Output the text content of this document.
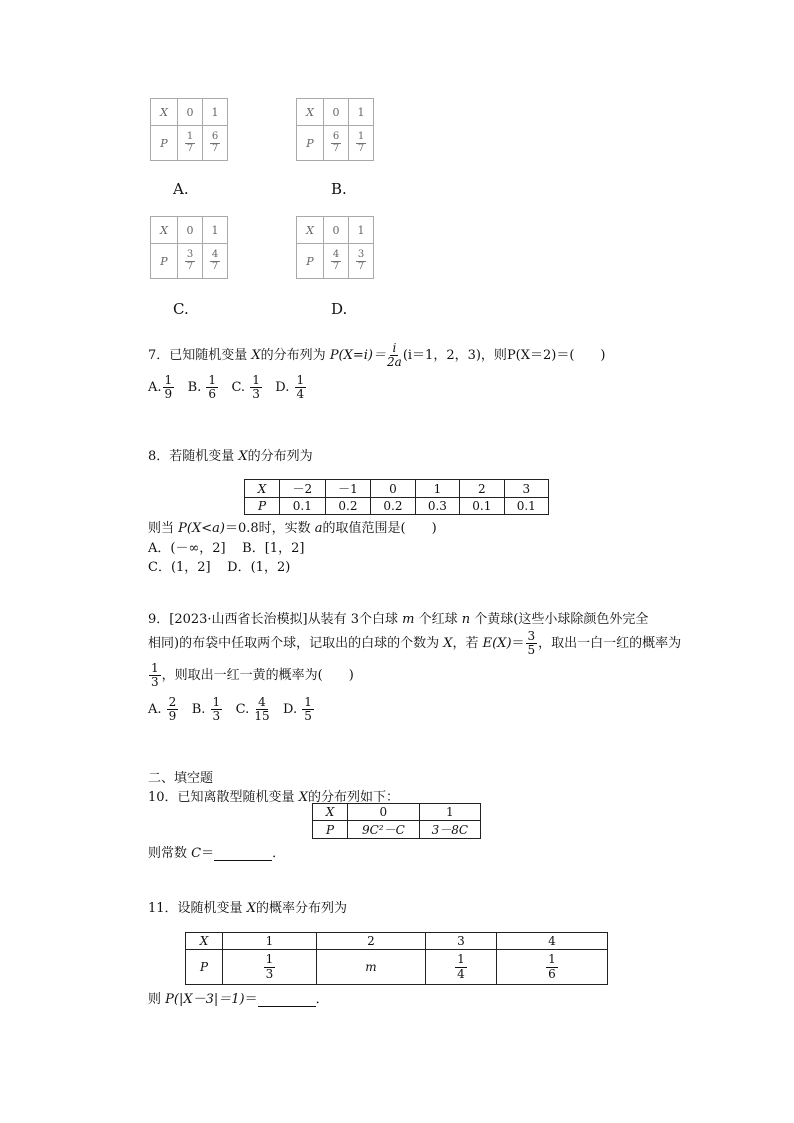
X	0	1
P	$\frac{1}{7}$	$\frac{6}{7}$
A.
X	0	1
P	$\frac{6}{7}$	$\frac{1}{7}$
B.
X	0	1
P	$\frac{3}{7}$	$\frac{4}{7}$
C.
X	0	1
P	$\frac{4}{7}$	$\frac{3}{7}$
D.
7．已知随机变量 X的分布列为 $P(X=i)= \frac{i}{2a} (i=1$，2，3)，则P(X＝2)＝(　　)
A. $\frac{1}{9} B$. $\frac{1}{6} C$. $\frac{1}{3} D$. $\frac{1}{4}$
8．若随机变量 X的分布列为
X	－2	－1	0	1	2	3
P	0.1	0.2	0.2	0.3	0.1	0.1
则当 P(X<a)＝0.8时，实数 a的取值范围是(　　)
A．(－∞，2] B．[1，2]
C．(1，2] D．(1，2)
9．[2023·山西省长治模拟]从装有 3个白球 m 个红球 n 个黄球(这些小球除颜色外完全
相同)的布袋中任取两个球，记取出的白球的个数为 X，若 $E(X)= \frac{3}{5}$ ，取出一白一红的概率为
$\frac{1}{3}$ ，则取出一红一黄的概率为(　　)
A. $\frac{2}{9} B$. $\frac{1}{3} C$. $\frac{4}{15} D$. $\frac{1}{5}$
二、填空题
10．已知离散型随机变量 X的分布列如下：
X	0	1
P	9C²－C	3－8C
则常数 C＝	．
11．设随机变量 X的概率分布列为
X	1	2	3	4
P	$\frac{1}{3}$	m	$\frac{1}{4}$	$\frac{1}{6}$
则 P(|X－3|＝1)＝	．
